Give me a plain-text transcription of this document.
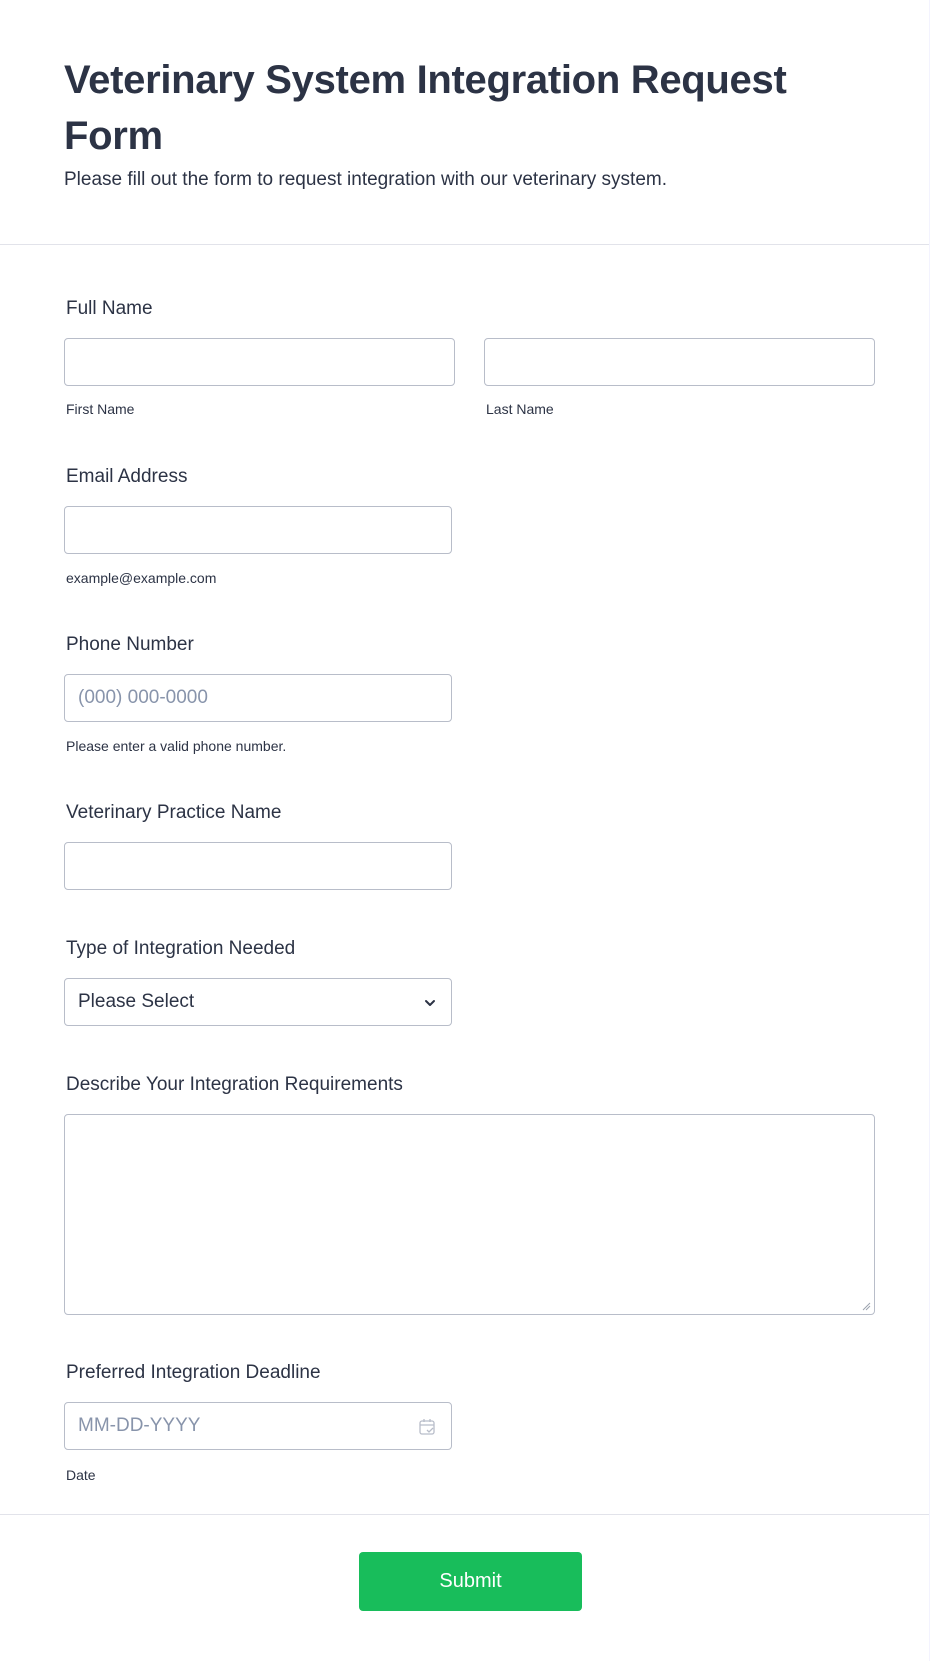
Veterinary System Integration Request Form

Please fill out the form to request integration with our veterinary system.

Full Name
First Name	Last Name
Email Address
example@example.com
Phone Number
(000) 000-0000
Please enter a valid phone number.
Veterinary Practice Name
Type of Integration Needed
Please Select
Describe Your Integration Requirements
Preferred Integration Deadline
MM-DD-YYYY
Date
Submit
